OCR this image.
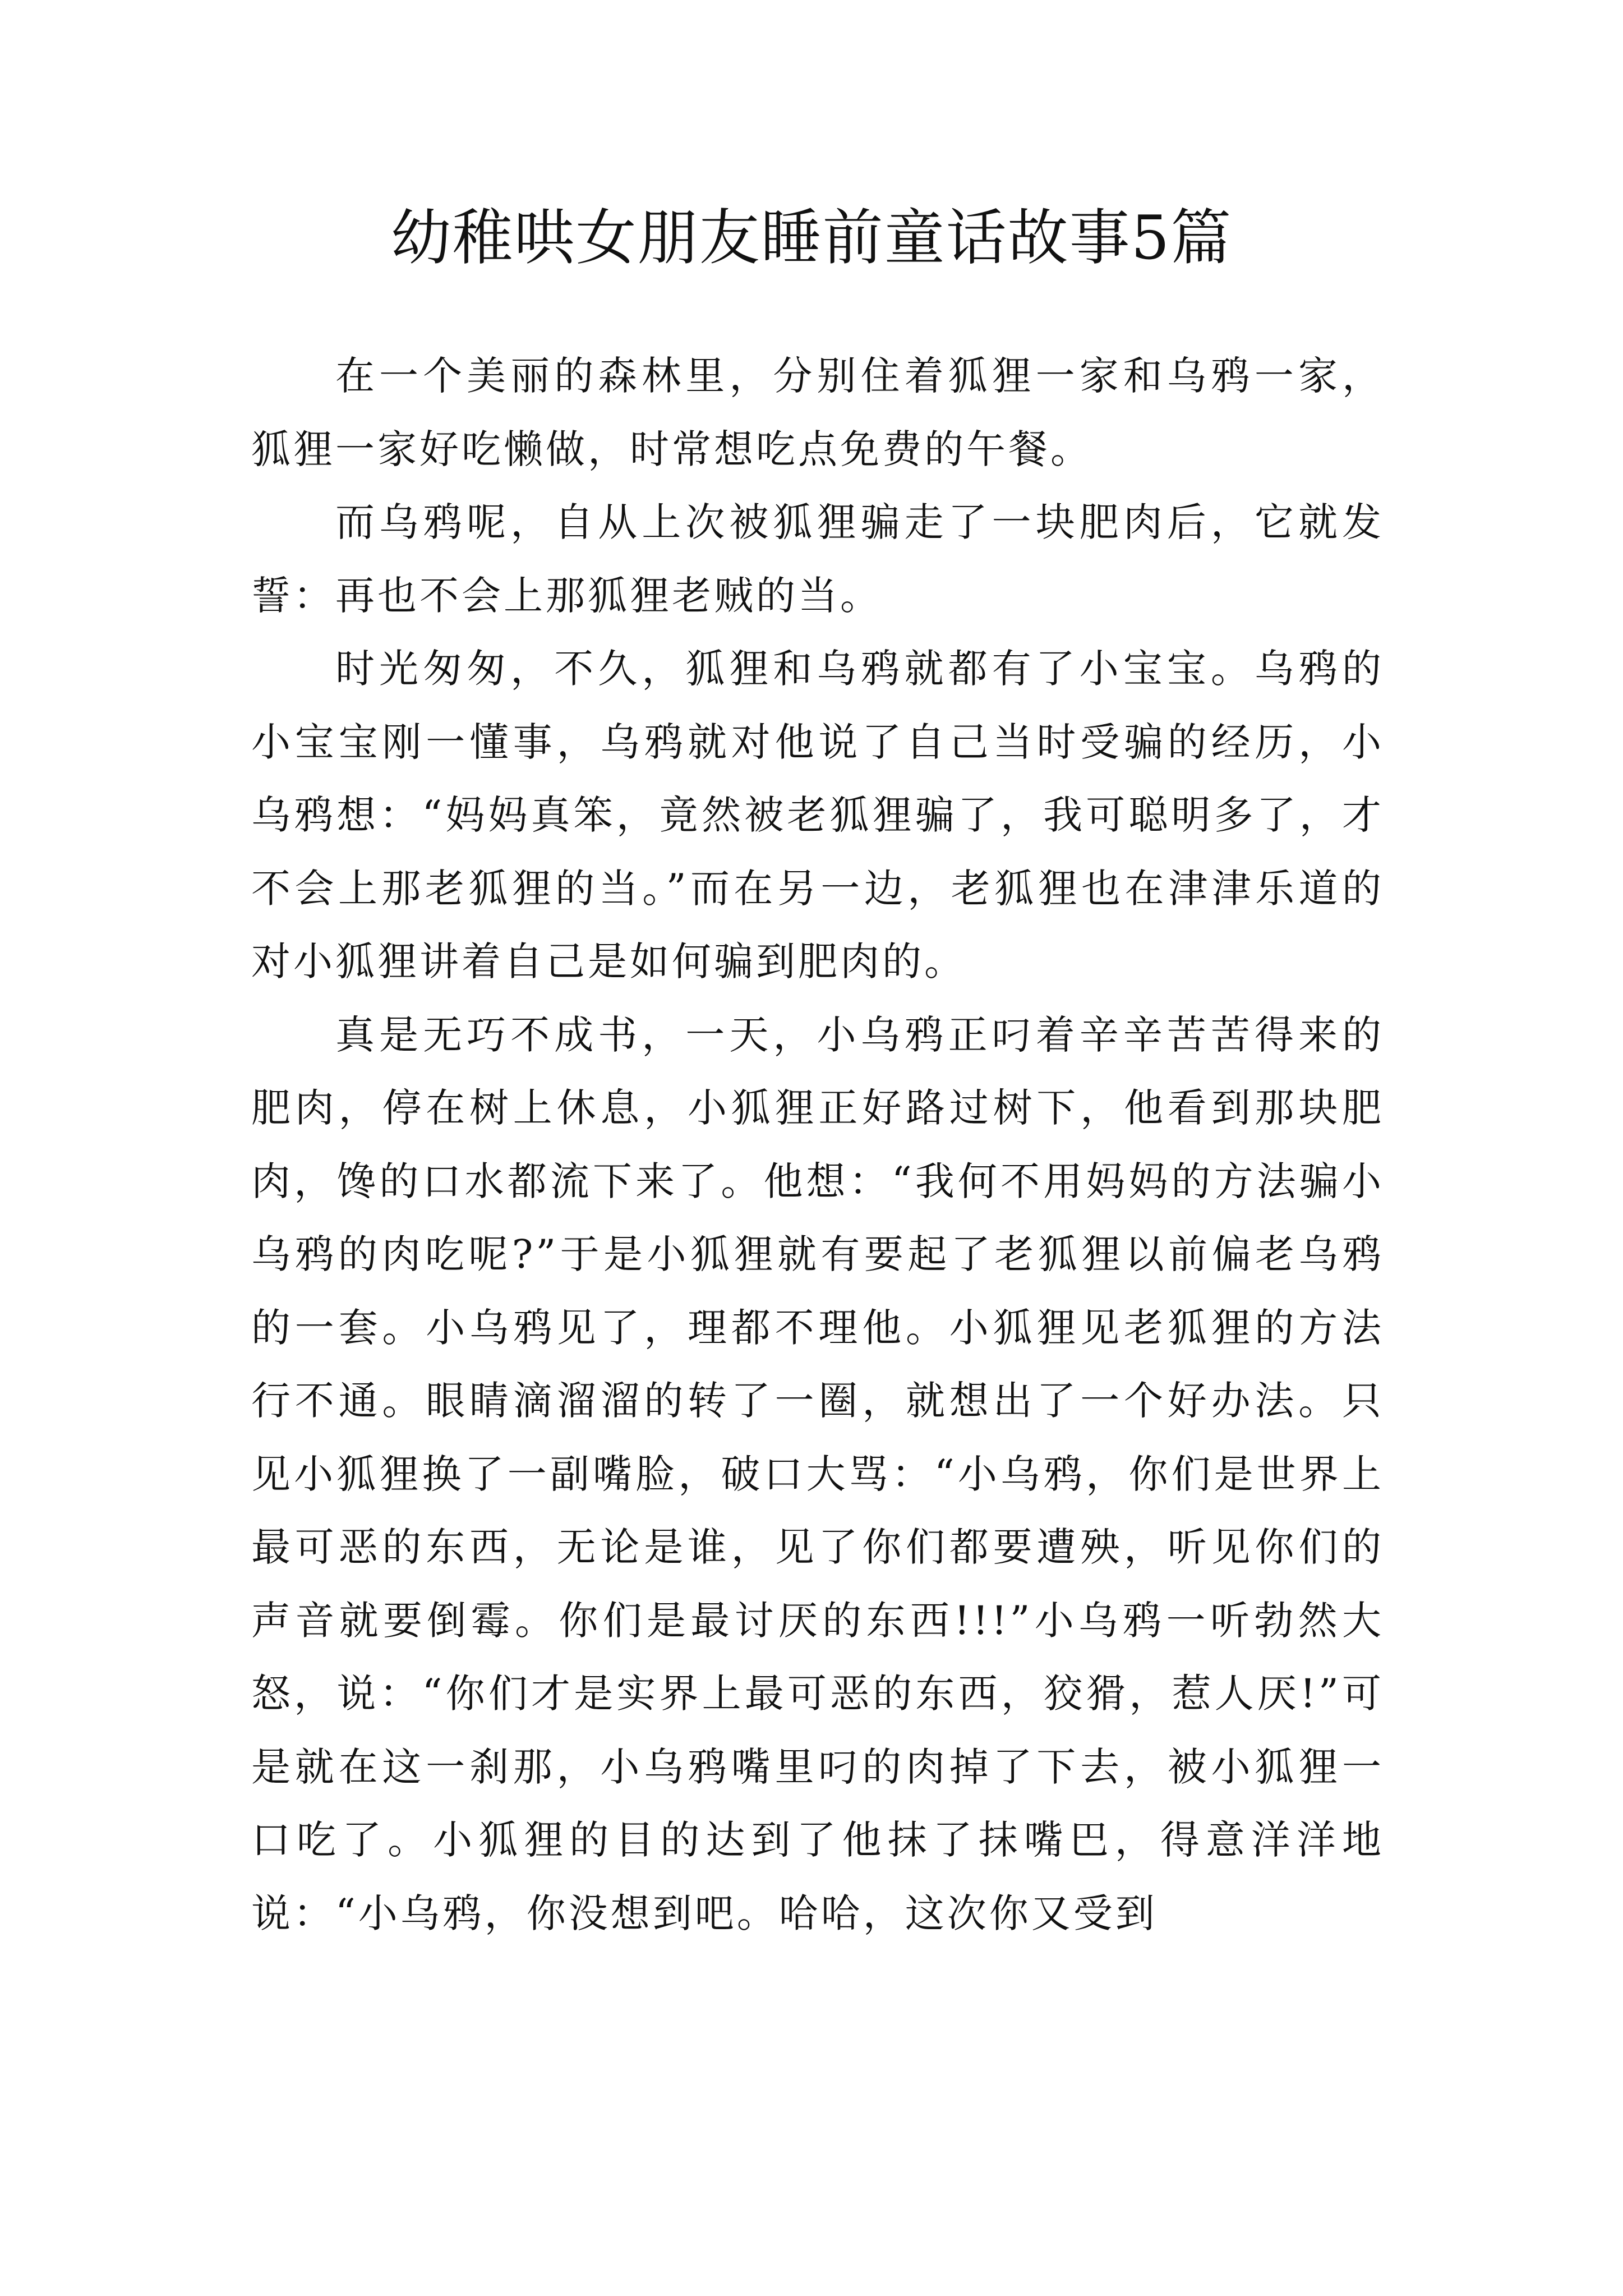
幼稚哄女朋友睡前童话故事5篇

在一个美丽的森林里，分别住着狐狸一家和乌鸦一家，狐狸一家好吃懒做，时常想吃点免费的午餐。

而乌鸦呢，自从上次被狐狸骗走了一块肥肉后，它就发誓：再也不会上那狐狸老贼的当。

时光匆匆，不久，狐狸和乌鸦就都有了小宝宝。乌鸦的小宝宝刚一懂事，乌鸦就对他说了自己当时受骗的经历，小乌鸦想：“妈妈真笨，竟然被老狐狸骗了，我可聪明多了，才不会上那老狐狸的当。”而在另一边，老狐狸也在津津乐道的对小狐狸讲着自己是如何骗到肥肉的。

真是无巧不成书，一天，小乌鸦正叼着辛辛苦苦得来的肥肉，停在树上休息，小狐狸正好路过树下，他看到那块肥肉，馋的口水都流下来了。他想：“我何不用妈妈的方法骗小乌鸦的肉吃呢?”于是小狐狸就有要起了老狐狸以前偏老乌鸦的一套。小乌鸦见了，理都不理他。小狐狸见老狐狸的方法行不通。眼睛滴溜溜的转了一圈，就想出了一个好办法。只见小狐狸换了一副嘴脸，破口大骂：“小乌鸦，你们是世界上最可恶的东西，无论是谁，见了你们都要遭殃，听见你们的声音就要倒霉。你们是最讨厌的东西!!!”小乌鸦一听勃然大怒，说：“你们才是实界上最可恶的东西，狡猾，惹人厌!”可是就在这一刹那，小乌鸦嘴里叼的肉掉了下去，被小狐狸一口吃了。小狐狸的目的达到了他抹了抹嘴巴，得意洋洋地说：“小乌鸦，你没想到吧。哈哈，这次你又受到
